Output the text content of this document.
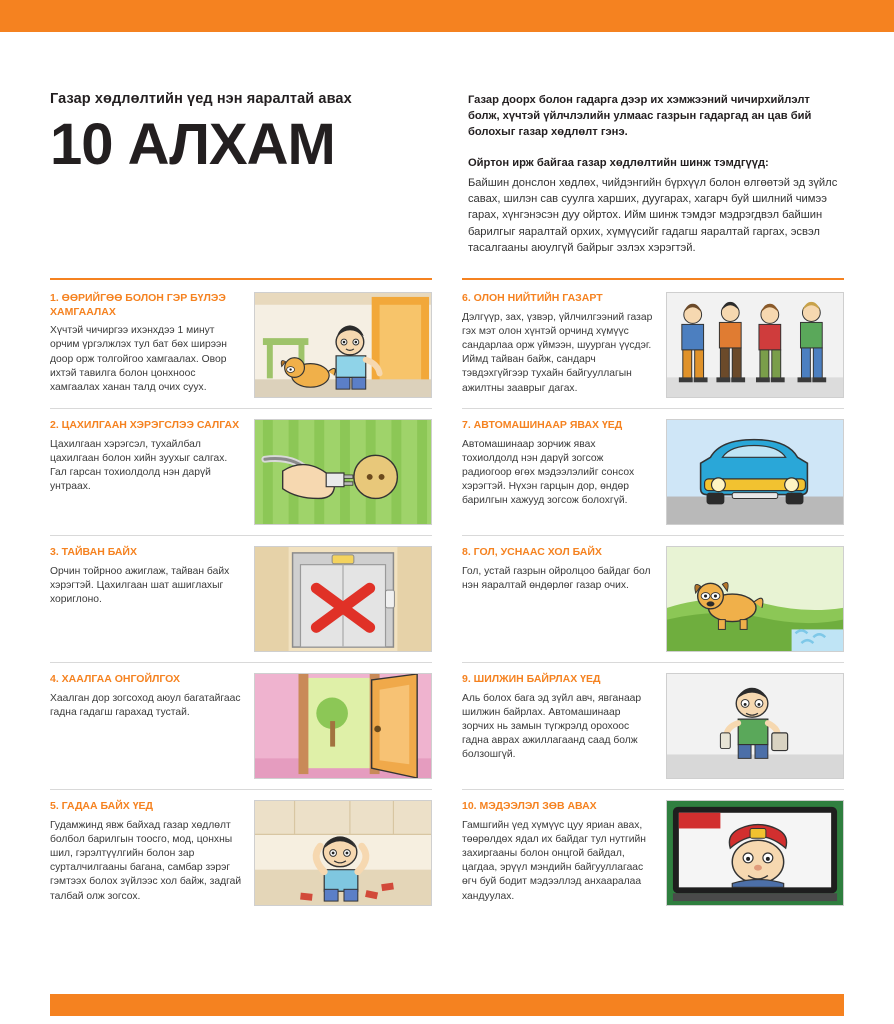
Газар хөдлөлтийн үед нэн яаралтай авах
10 АЛХАМ
Газар доорх болон гадарга дээр их хэмжээний чичирхийлэлт болж, хүчтэй үйлчлэлийн улмаас газрын гадаргад ан цав бий болохыг газар хөдлөлт гэнэ.
Ойртон ирж байгаа газар хөдлөлтийн шинж тэмдгүүд:
Байшин донслон хөдлөх, чийдэнгийн бүрхүүл болон өлгөөтэй эд зүйлс савах, шилэн сав суулга харших, дуугарах, хагарч буй шилний чимээ гарах, хүнгэнэсэн дуу ойртох. Ийм шинж тэмдэг мэдрэгдвэл байшин барилгыг яаралтай орхих, хүмүүсийг гадагш яаралтай гаргах, эсвэл тасалгааны аюулгүй байрыг эзлэх хэрэгтэй.
1. ӨӨРИЙГӨӨ БОЛОН ГЭР БҮЛЭЭ ХАМГААЛАХ
Хүчтэй чичиргээ ихэнхдээ 1 минут орчим үргэлжлэх тул бат бөх ширээн доор орж толгойгоо хамгаалах. Овор ихтэй тавилга болон цонхноос хамгаалах ханан талд очих суух.
2. ЦАХИЛГААН ХЭРЭГСЛЭЭ САЛГАХ
Цахилгаан хэрэгсэл, тухайлбал цахилгаан болон хийн зуухыг салгах. Гал гарсан тохиолдолд нэн дарүй унтраах.
3. ТАЙВАН БАЙХ
Орчин тойрноо ажиглаж, тайван байх хэрэгтэй. Цахилгаан шат ашиглахыг хориглоно.
4. ХААЛГАА ОНГОЙЛГОХ
Хаалган дор зогсоход аюул багатайгаас гадна гадагш гарахад тустай.
5. ГАДАА БАЙХ ҮЕД
Гудамжинд явж байхад газар хөдлөлт болбол барилгын тоосго, мод, цонхны шил, гэрэлтүүлгийн болон зар сурталчилгааны багана, самбар зэрэг гэмтээх болох зүйлээс хол байж, задгай талбай олж зогсох.
6. ОЛОН НИЙТИЙН ГАЗАРТ
Дэлгүүр, зах, үзвэр, үйлчилгээний газар гэх мэт олон хүнтэй орчинд хүмүүс сандарлаа орж үймээн, шуурган үүсдэг. Иймд тайван байж, сандарч тэвдэхгүйгээр тухайн байгууллагын ажилтны зааврыг дагах.
7. АВТОМАШИНААР ЯВАХ ҮЕД
Автомашинаар зорчиж явах тохиолдолд нэн дарүй зогсож радиогоор өгөх мэдээлэлийг сонсох хэрэгтэй. Нүхэн гарцын дор, өндөр барилгын хажууд зогсож болохгүй.
8. ГОЛ, УСНААС ХОЛ БАЙХ
Гол, устай газрын ойролцоо байдаг бол нэн яаралтай өндөрлөг газар очих.
9. ШИЛЖИН БАЙРЛАХ ҮЕД
Аль болох бага эд зүйл авч, явганаар шилжин байрлах. Автомашинаар зорчих нь замын түгжрэлд орохоос гадна аврах ажиллагаанд саад болж болзошгүй.
10. МЭДЭЭЛЭЛ ЗӨВ АВАХ
Гамшгийн үед хүмүүс цуу яриан авах, төөрөлдөх ядал их байдаг тул нутгийн захиргааны болон онцгой байдал, цагдаа, эрүүл мэндийн байгууллагаас өгч буй бодит мэдээллэд анхааралаа хандуулах.
NEWS.MN
